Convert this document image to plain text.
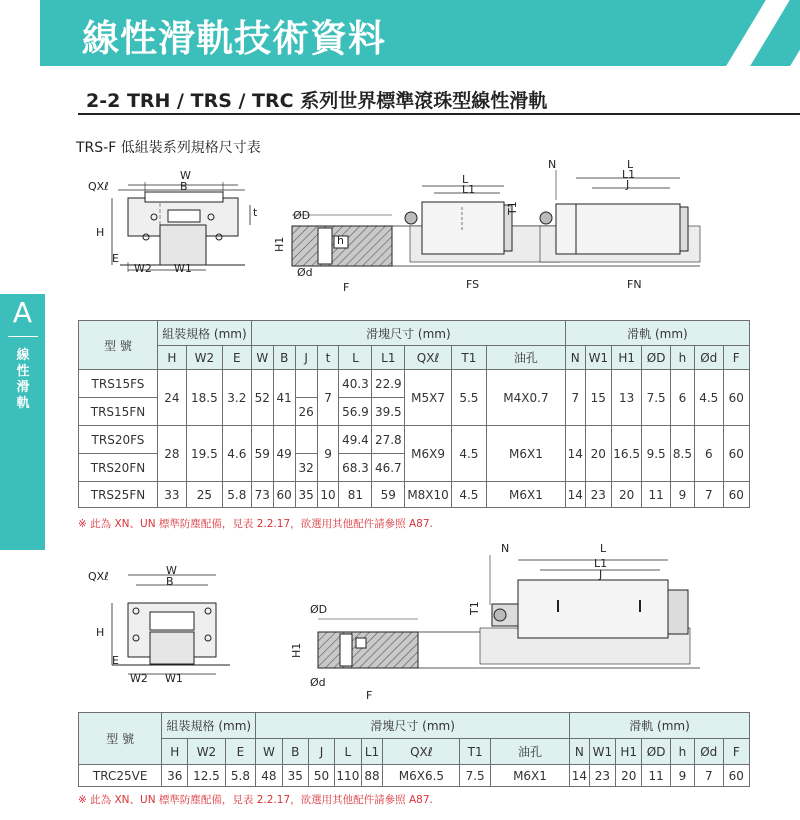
線性滑軌技術資料
2-2 TRH / TRS / TRC 系列世界標準滾珠型線性滑軌
TRS-F 低組裝系列規格尺寸表
A
線性滑軌
QXℓ
W
B
H
E
W2 W1
t	ØD
H1	h
Ød
F
L
L1
T1
FS
N	L
L1
J
FN
QXℓ	W
B
H
E
W2 W1
ØD
H1
Ød
F
N	L
L1
J
T1
型 號	組裝規格 (mm)			滑塊尺寸 (mm)									滑軌 (mm)						
	H	W2	E	W	B	J	t	L	L1	QXℓ	T1	油孔	N	W1	H1	ØD	h	Ød	F
TRS15FS	24	18.5	3.2	52	41		7	40.3	22.9	M5X7	5.5	M4X0.7	7	15	13	7.5	6	4.5	60
TRS15FN						26		56.9	39.5										
TRS20FS	28	19.5	4.6	59	49		9	49.4	27.8	M6X9	4.5	M6X1	14	20	16.5	9.5	8.5	6	60
TRS20FN						32		68.3	46.7										
TRS25FN	33	25	5.8	73	60	35	10	81	59	M8X10	4.5	M6X1	14	23	20	11	9	7	60
※ 此為 XN、UN 標準防塵配備，見表 2.2.17，欲選用其他配件請參照 A87.
型 號	組裝規格 (mm)			滑塊尺寸 (mm)								滑軌 (mm)						
	H	W2	E	W	B	J	L	L1	QXℓ	T1	油孔	N	W1	H1	ØD	h	Ød	F
TRC25VE	36	12.5	5.8	48	35	50	110	88	M6X6.5	7.5	M6X1	14	23	20	11	9	7	60
※ 此為 XN、UN 標準防塵配備，見表 2.2.17，欲選用其他配件請參照 A87.
